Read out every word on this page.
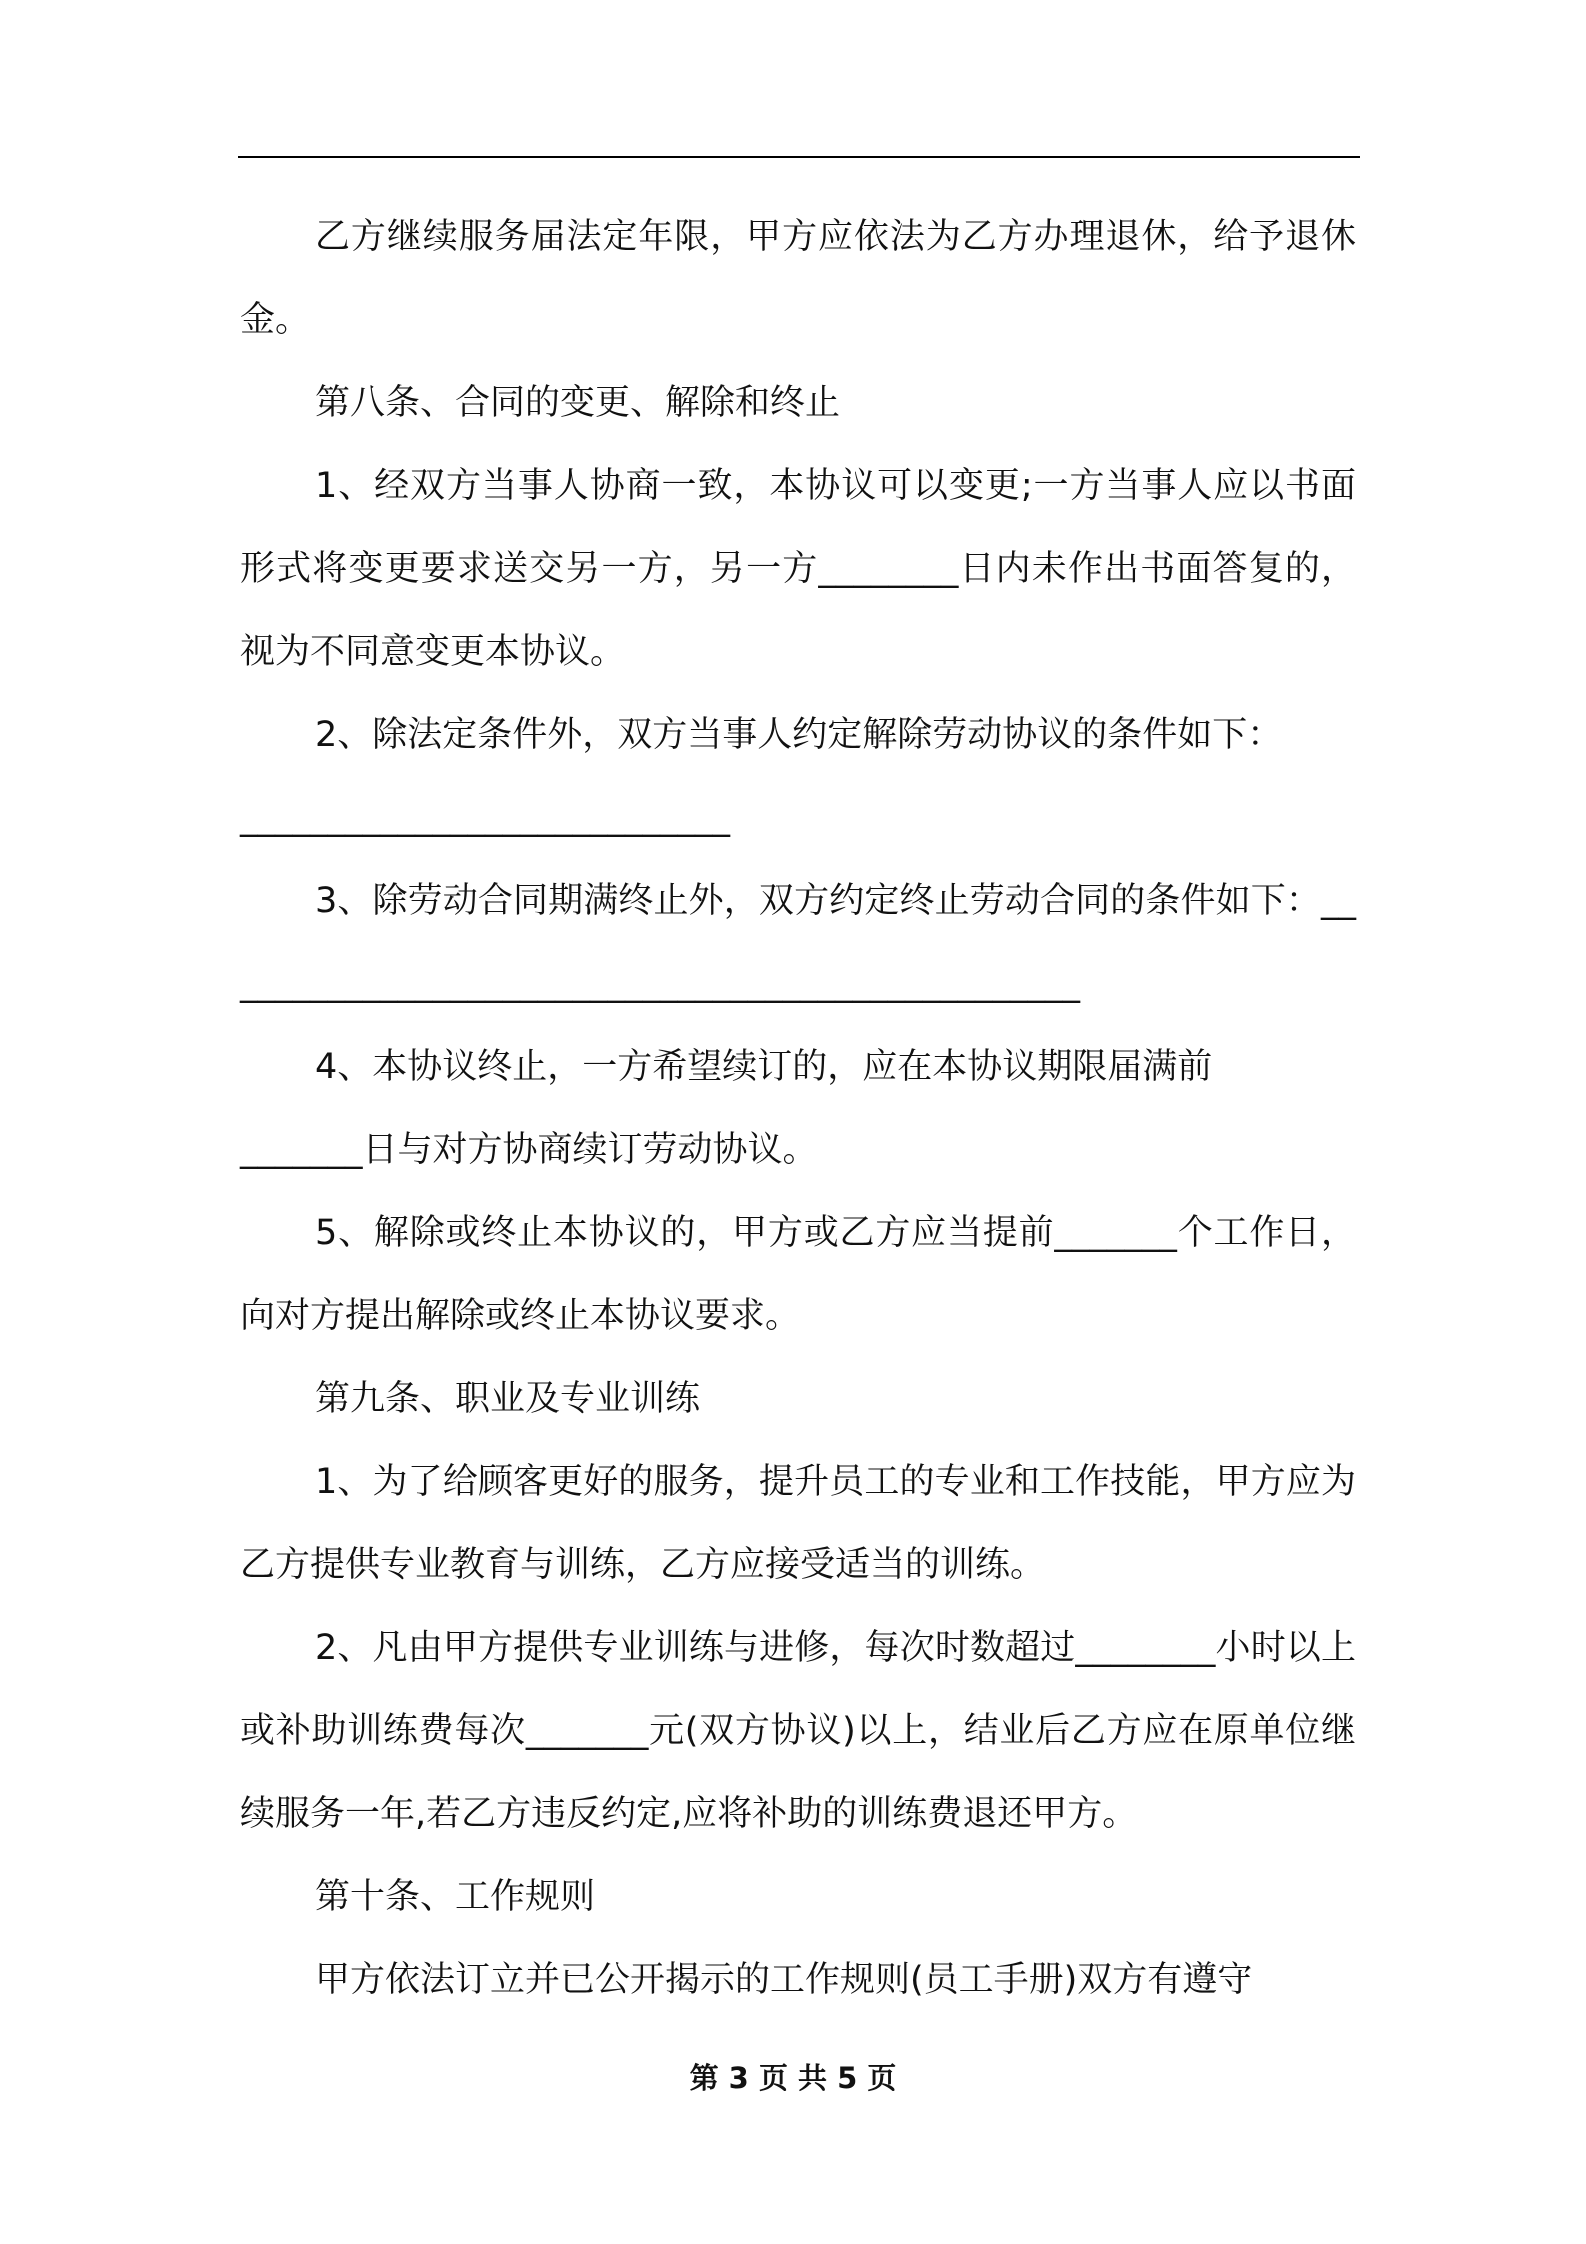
乙方继续服务届法定年限，甲方应依法为乙方办理退休，给予退休金。

第八条、合同的变更、解除和终止

1、经双方当事人协商一致，本协议可以变更;一方当事人应以书面形式将变更要求送交另一方，另一方________日内未作出书面答复的，视为不同意变更本协议。

2、除法定条件外，双方当事人约定解除劳动协议的条件如下：

____________________________

3、除劳动合同期满终止外，双方约定终止劳动合同的条件如下：__________________________________________________

4、本协议终止，一方希望续订的，应在本协议期限届满前

_______日与对方协商续订劳动协议。

5、解除或终止本协议的，甲方或乙方应当提前_______个工作日，向对方提出解除或终止本协议要求。

第九条、职业及专业训练

1、为了给顾客更好的服务，提升员工的专业和工作技能，甲方应为乙方提供专业教育与训练，乙方应接受适当的训练。

2、凡由甲方提供专业训练与进修，每次时数超过________小时以上或补助训练费每次_______元(双方协议)以上，结业后乙方应在原单位继续服务一年,若乙方违反约定,应将补助的训练费退还甲方。

第十条、工作规则

甲方依法订立并已公开揭示的工作规则(员工手册)双方有遵守

第 3 页 共 5 页
